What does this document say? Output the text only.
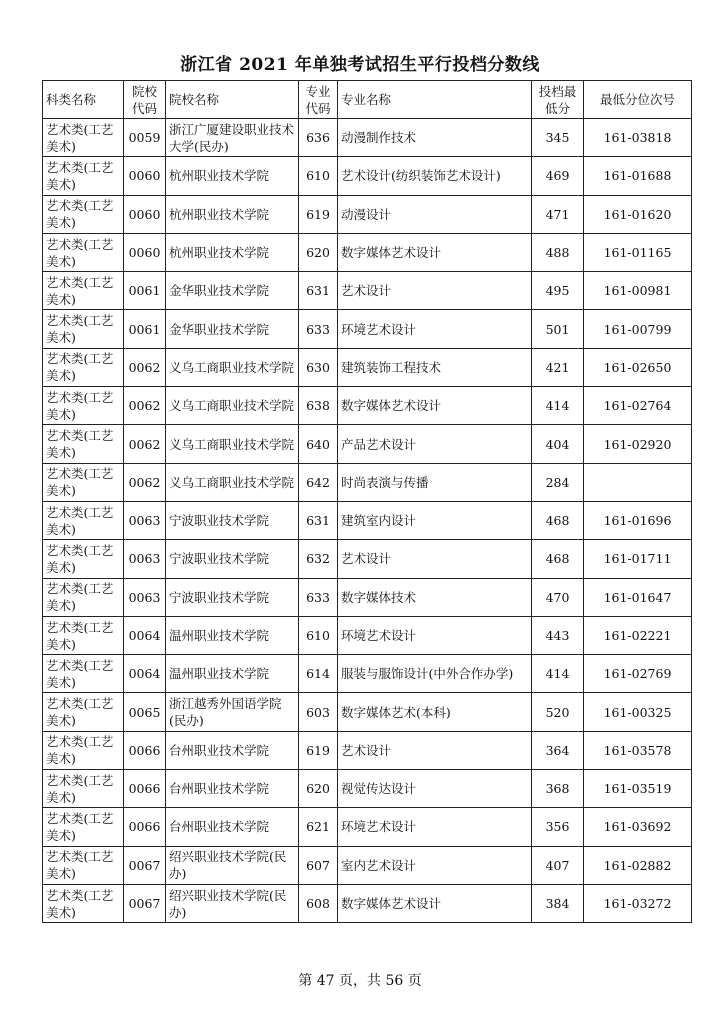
浙江省 2021 年单独考试招生平行投档分数线
科类名称	院校代码	院校名称	专业代码	专业名称	投档最低分	最低分位次号
艺术类(工艺美术)	0059	浙江广厦建设职业技术大学(民办)	636	动漫制作技术	345	161-03818
艺术类(工艺美术)	0060	杭州职业技术学院	610	艺术设计(纺织装饰艺术设计)	469	161-01688
艺术类(工艺美术)	0060	杭州职业技术学院	619	动漫设计	471	161-01620
艺术类(工艺美术)	0060	杭州职业技术学院	620	数字媒体艺术设计	488	161-01165
艺术类(工艺美术)	0061	金华职业技术学院	631	艺术设计	495	161-00981
艺术类(工艺美术)	0061	金华职业技术学院	633	环境艺术设计	501	161-00799
艺术类(工艺美术)	0062	义乌工商职业技术学院	630	建筑装饰工程技术	421	161-02650
艺术类(工艺美术)	0062	义乌工商职业技术学院	638	数字媒体艺术设计	414	161-02764
艺术类(工艺美术)	0062	义乌工商职业技术学院	640	产品艺术设计	404	161-02920
艺术类(工艺美术)	0062	义乌工商职业技术学院	642	时尚表演与传播	284	
艺术类(工艺美术)	0063	宁波职业技术学院	631	建筑室内设计	468	161-01696
艺术类(工艺美术)	0063	宁波职业技术学院	632	艺术设计	468	161-01711
艺术类(工艺美术)	0063	宁波职业技术学院	633	数字媒体技术	470	161-01647
艺术类(工艺美术)	0064	温州职业技术学院	610	环境艺术设计	443	161-02221
艺术类(工艺美术)	0064	温州职业技术学院	614	服装与服饰设计(中外合作办学)	414	161-02769
艺术类(工艺美术)	0065	浙江越秀外国语学院(民办)	603	数字媒体艺术(本科)	520	161-00325
艺术类(工艺美术)	0066	台州职业技术学院	619	艺术设计	364	161-03578
艺术类(工艺美术)	0066	台州职业技术学院	620	视觉传达设计	368	161-03519
艺术类(工艺美术)	0066	台州职业技术学院	621	环境艺术设计	356	161-03692
艺术类(工艺美术)	0067	绍兴职业技术学院(民办)	607	室内艺术设计	407	161-02882
艺术类(工艺美术)	0067	绍兴职业技术学院(民办)	608	数字媒体艺术设计	384	161-03272
第 47 页，共 56 页
